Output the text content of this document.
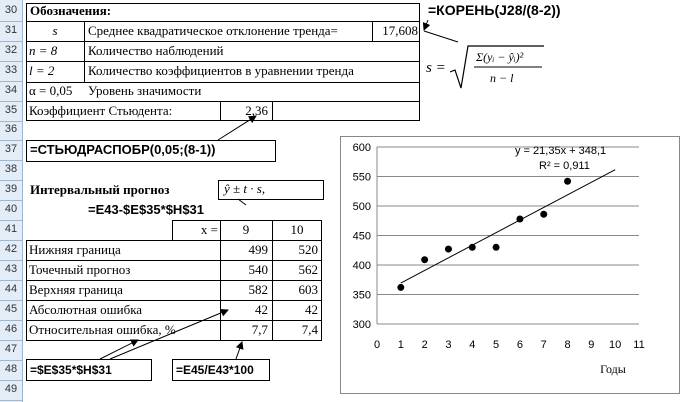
30
31
32
33
34
35
36
37
38
39
40
41
42
43
44
45
46
47
48
49
Обозначения:	=КОРЕНЬ(J28/(8-2))
s	Среднее квадратическое отклонение тренда=	17,608
n = 8 Количество наблюдений
l = 2	Количество коэффициентов в уравнении тренда
α = 0,05 Уровень значимости
Коэффициент Стьюдента:	2,36
=СТЬЮДРАСПОБР(0,05;(8-1))
Интервальный прогноз	ŷ ± t · s,
=E43-$E$35*$H$31
x =	9	10
Нижняя граница	499	520
Точечный прогноз	540	562
Верхняя граница	582	603
Абсолютная ошибка	42	42
Относительная ошибка, %	7,7	7,4
=$E$35*$H$31	=E45/E43*100
s =
Σ(yᵢ − ŷᵢ)²
n − l
300
350
400
450
500
550
600
0 1 2 3 4 5 6 7 8 9 10 11
y = 21,35x + 348,1
R² = 0,911
Годы
